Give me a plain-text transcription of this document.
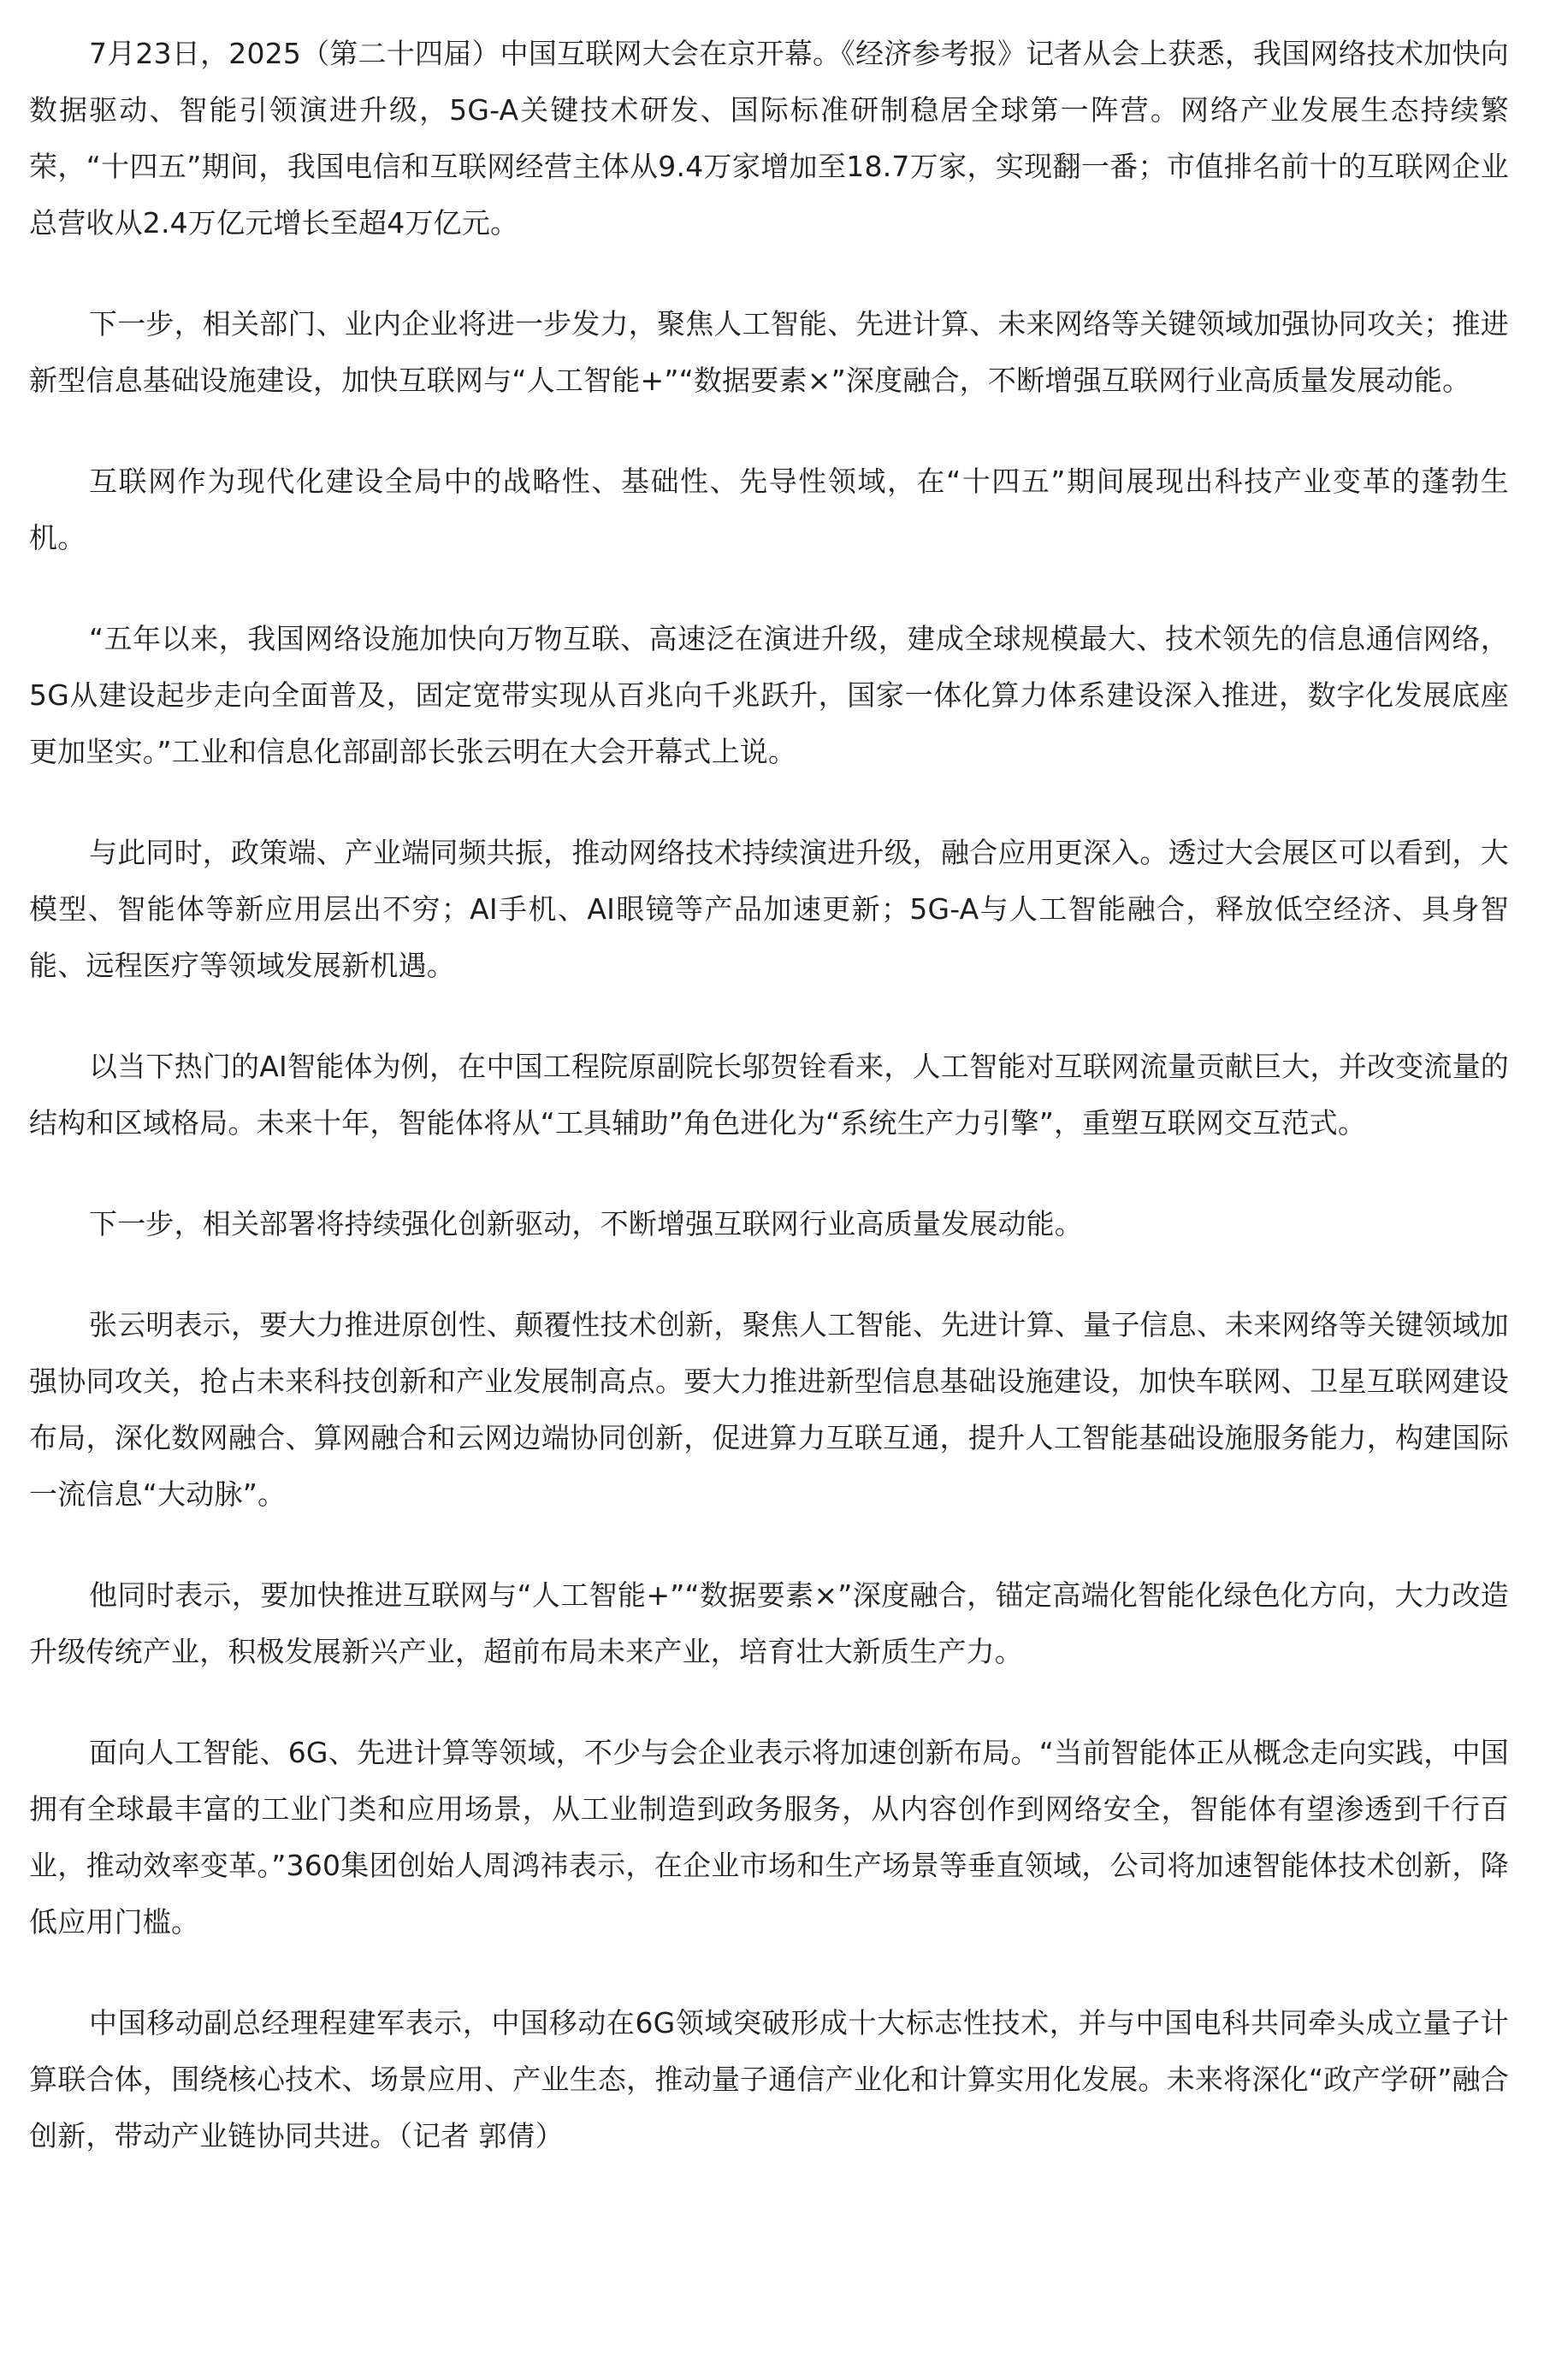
7月23日，2025（第二十四届）中国互联网大会在京开幕。《经济参考报》记者从会上获悉，我国网络技术加快向数据驱动、智能引领演进升级，5G-A关键技术研发、国际标准研制稳居全球第一阵营。网络产业发展生态持续繁荣，“十四五”期间，我国电信和互联网经营主体从9.4万家增加至18.7万家，实现翻一番；市值排名前十的互联网企业总营收从2.4万亿元增长至超4万亿元。

下一步，相关部门、业内企业将进一步发力，聚焦人工智能、先进计算、未来网络等关键领域加强协同攻关；推进新型信息基础设施建设，加快互联网与“人工智能+”“数据要素×”深度融合，不断增强互联网行业高质量发展动能。

互联网作为现代化建设全局中的战略性、基础性、先导性领域，在“十四五”期间展现出科技产业变革的蓬勃生机。

“五年以来，我国网络设施加快向万物互联、高速泛在演进升级，建成全球规模最大、技术领先的信息通信网络，5G从建设起步走向全面普及，固定宽带实现从百兆向千兆跃升，国家一体化算力体系建设深入推进，数字化发展底座更加坚实。”工业和信息化部副部长张云明在大会开幕式上说。

与此同时，政策端、产业端同频共振，推动网络技术持续演进升级，融合应用更深入。透过大会展区可以看到，大模型、智能体等新应用层出不穷；AI手机、AI眼镜等产品加速更新；5G-A与人工智能融合，释放低空经济、具身智能、远程医疗等领域发展新机遇。

以当下热门的AI智能体为例，在中国工程院原副院长邬贺铨看来，人工智能对互联网流量贡献巨大，并改变流量的结构和区域格局。未来十年，智能体将从“工具辅助”角色进化为“系统生产力引擎”，重塑互联网交互范式。

下一步，相关部署将持续强化创新驱动，不断增强互联网行业高质量发展动能。

张云明表示，要大力推进原创性、颠覆性技术创新，聚焦人工智能、先进计算、量子信息、未来网络等关键领域加强协同攻关，抢占未来科技创新和产业发展制高点。要大力推进新型信息基础设施建设，加快车联网、卫星互联网建设布局，深化数网融合、算网融合和云网边端协同创新，促进算力互联互通，提升人工智能基础设施服务能力，构建国际一流信息“大动脉”。

他同时表示，要加快推进互联网与“人工智能+”“数据要素×”深度融合，锚定高端化智能化绿色化方向，大力改造升级传统产业，积极发展新兴产业，超前布局未来产业，培育壮大新质生产力。

面向人工智能、6G、先进计算等领域，不少与会企业表示将加速创新布局。“当前智能体正从概念走向实践，中国拥有全球最丰富的工业门类和应用场景，从工业制造到政务服务，从内容创作到网络安全，智能体有望渗透到千行百业，推动效率变革。”360集团创始人周鸿祎表示，在企业市场和生产场景等垂直领域，公司将加速智能体技术创新，降低应用门槛。

中国移动副总经理程建军表示，中国移动在6G领域突破形成十大标志性技术，并与中国电科共同牵头成立量子计算联合体，围绕核心技术、场景应用、产业生态，推动量子通信产业化和计算实用化发展。未来将深化“政产学研”融合创新，带动产业链协同共进。（记者 郭倩）
